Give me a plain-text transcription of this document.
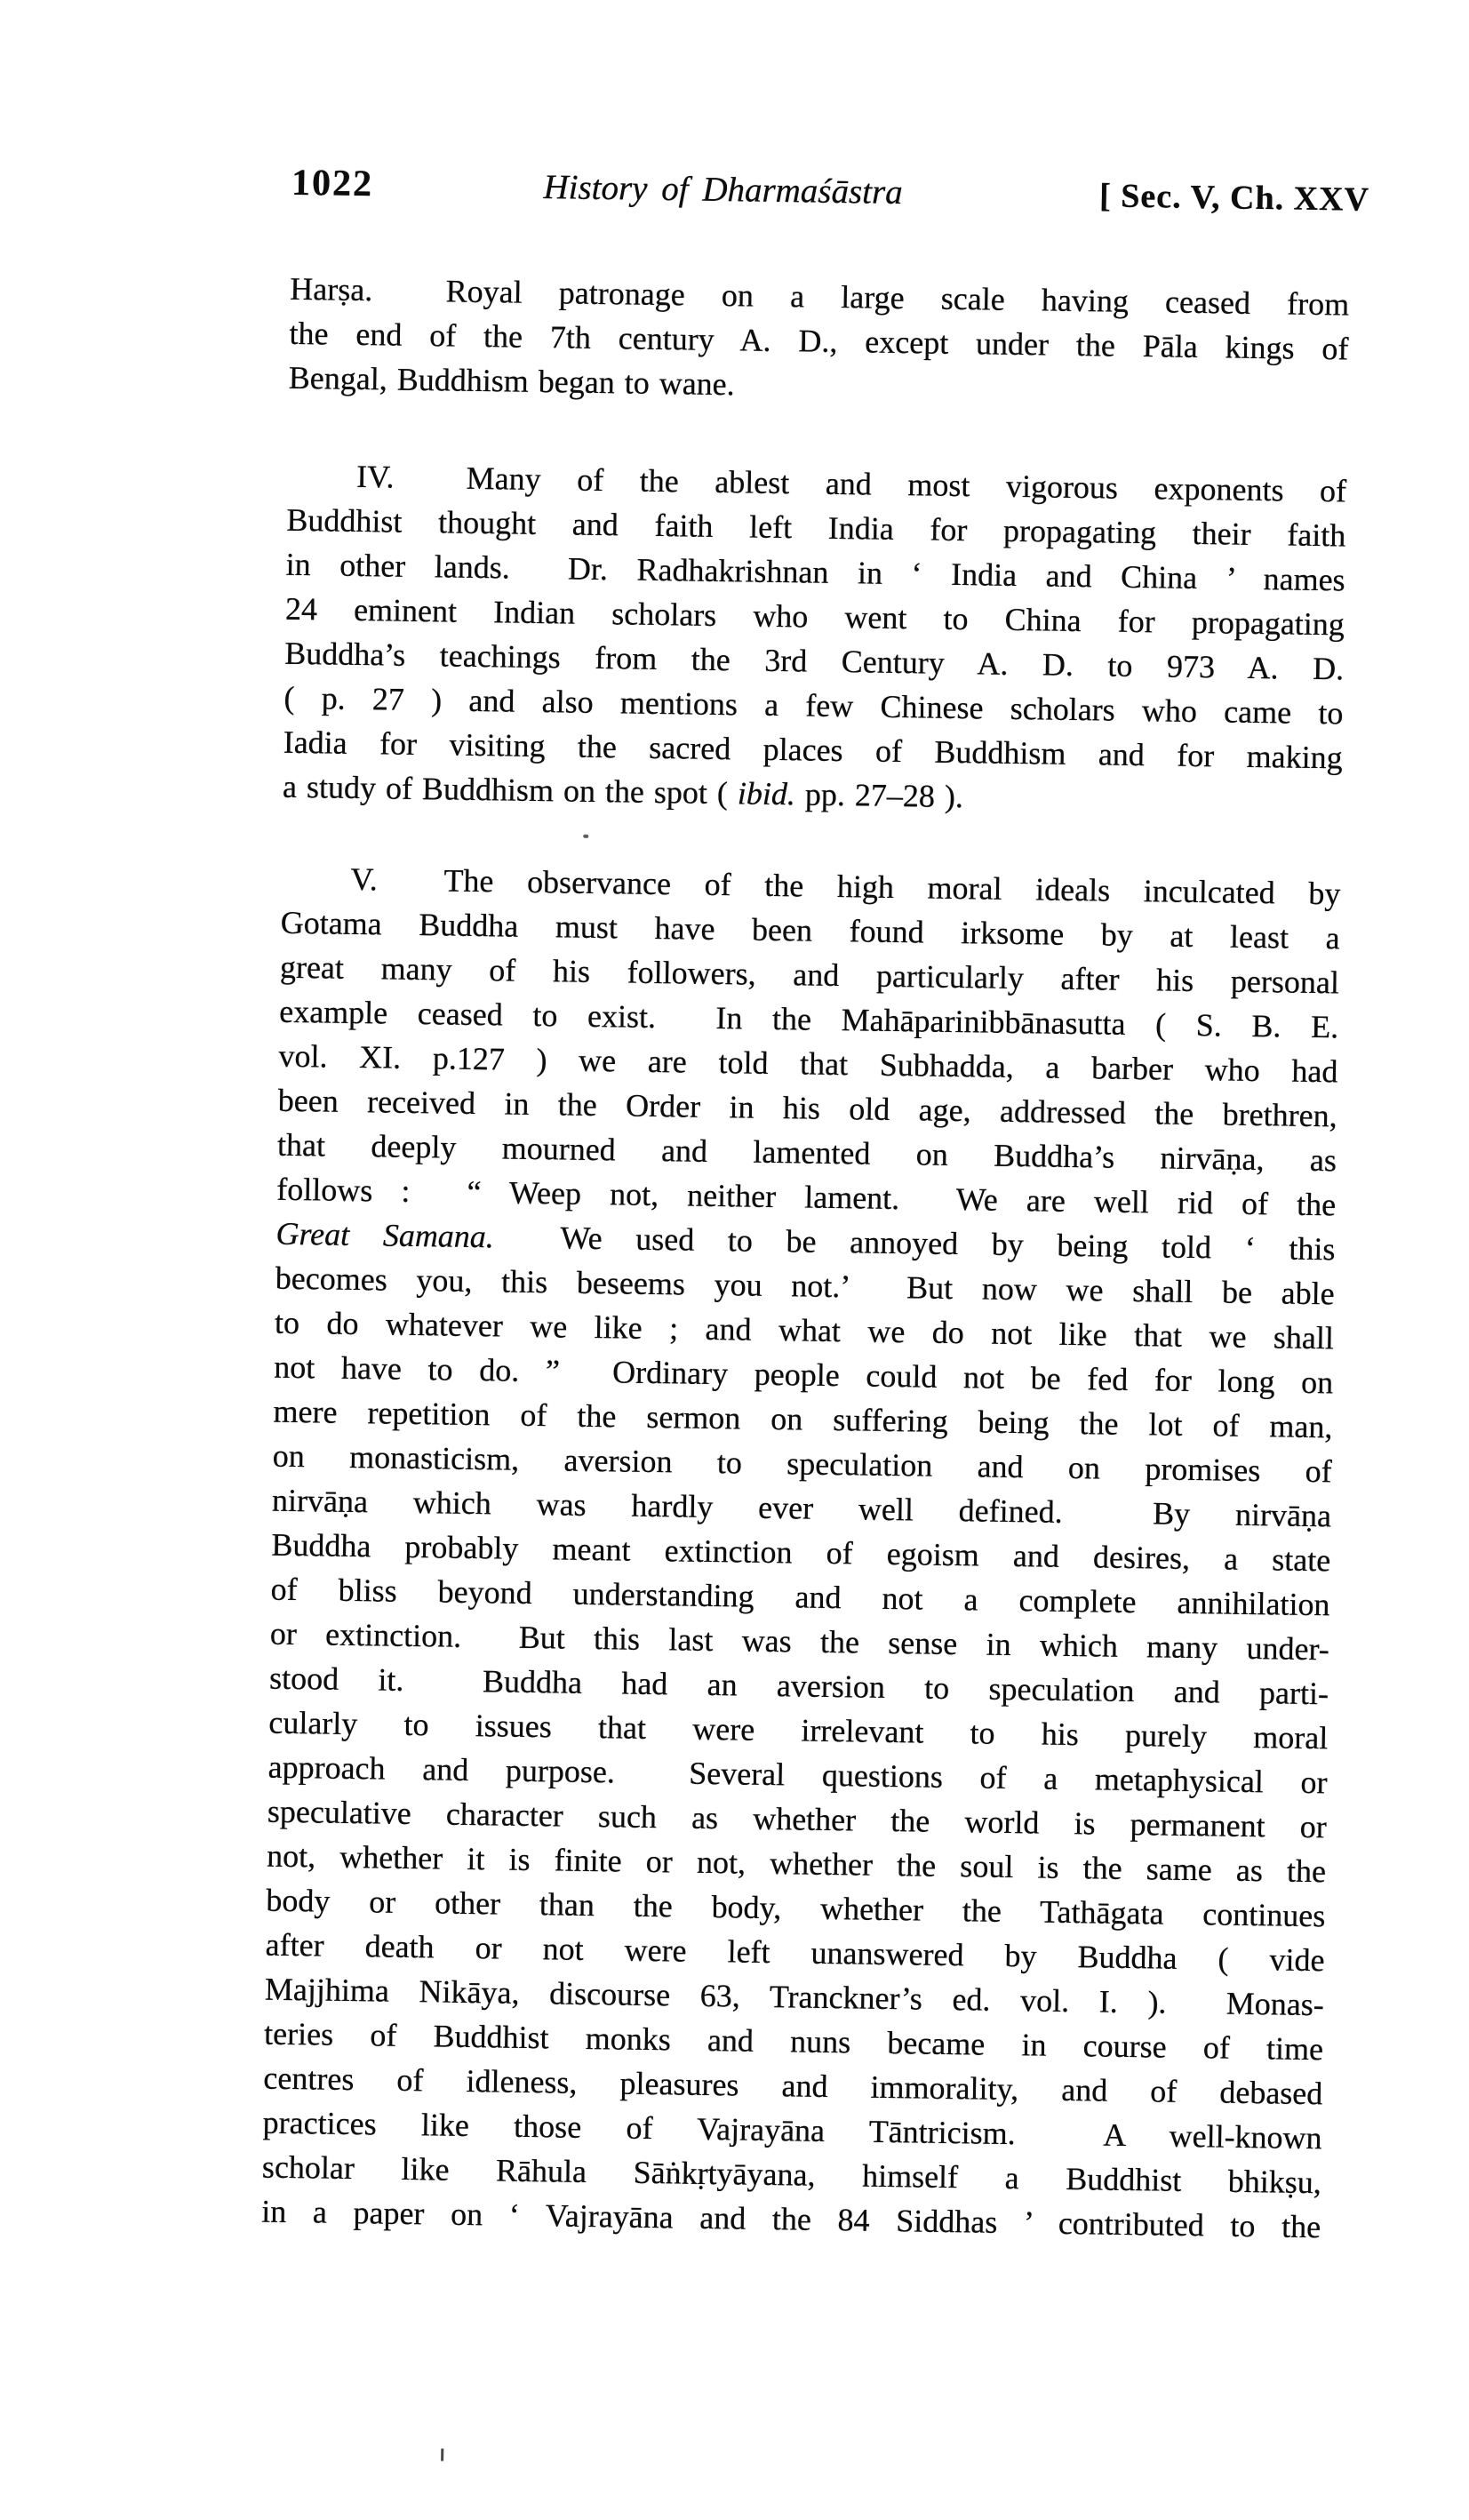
1022	History of Dharmaśāstra	[ Sec. V, Ch. XXV
Harṣa.  Royal patronage on a large scale having ceased from
the end of the 7th century A. D., except under the Pāla kings of
Bengal, Buddhism began to wane.
IV.  Many of the ablest and most vigorous exponents of
Buddhist thought and faith left India for propagating their faith
in other lands.  Dr. Radhakrishnan in ‘ India and China ’ names
24 eminent Indian scholars who went to China for propagating
Buddha’s teachings from the 3rd Century A. D. to 973 A. D.
( p. 27 ) and also mentions a few Chinese scholars who came to
Iadia for visiting the sacred places of Buddhism and for making
a study of Buddhism on the spot ( ibid. pp. 27–28 ).
V.  The observance of the high moral ideals inculcated by
Gotama Buddha must have been found irksome by at least a
great many of his followers, and particularly after his personal
example ceased to exist.  In the Mahāparinibbānasutta ( S. B. E.
vol. XI. p.127 ) we are told that Subhadda, a barber who had
been received in the Order in his old age, addressed the brethren,
that deeply mourned and lamented on Buddha’s nirvāṇa, as
follows :  “ Weep not, neither lament.  We are well rid of the
Great Samana.  We used to be annoyed by being told ‘ this
becomes you, this beseems you not.’  But now we shall be able
to do whatever we like ; and what we do not like that we shall
not have to do. ”  Ordinary people could not be fed for long on
mere repetition of the sermon on suffering being the lot of man,
on monasticism, aversion to speculation and on promises of
nirvāṇa which was hardly ever well defined.  By nirvāṇa
Buddha probably meant extinction of egoism and desires, a state
of bliss beyond understanding and not a complete annihilation
or extinction.  But this last was the sense in which many under-
stood it.  Buddha had an aversion to speculation and parti-
cularly to issues that were irrelevant to his purely moral
approach and purpose.  Several questions of a metaphysical or
speculative character such as whether the world is permanent or
not, whether it is finite or not, whether the soul is the same as the
body or other than the body, whether the Tathāgata continues
after death or not were left unanswered by Buddha ( vide
Majjhima Nikāya, discourse 63, Tranckner’s ed. vol. I. ).  Monas-
teries of Buddhist monks and nuns became in course of time
centres of idleness, pleasures and immorality, and of debased
practices like those of Vajrayāna Tāntricism.  A well-known
scholar like Rāhula Sāṅkṛtyāyana, himself a Buddhist bhikṣu,
in a paper on ‘ Vajrayāna and the 84 Siddhas ’ contributed to the
